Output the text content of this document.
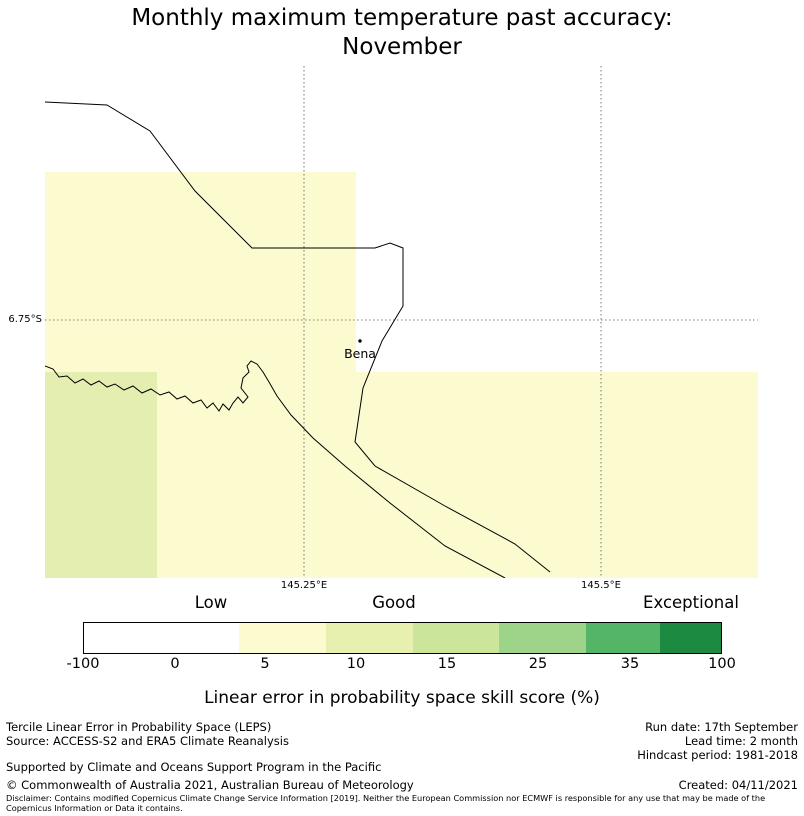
Monthly maximum temperature past accuracy:
November
Bena
6.75°S
145.25°E	145.5°E
Low	Good	Exceptional
-100	0	5	10	15	25	35	100
Linear error in probability space skill score (%)
Tercile Linear Error in Probability Space (LEPS)
Source: ACCESS-S2 and ERA5 Climate Reanalysis
Run date: 17th September
Lead time: 2 month
Hindcast period: 1981-2018
Supported by Climate and Oceans Support Program in the Pacific
© Commonwealth of Australia 2021, Australian Bureau of Meteorology	Created: 04/11/2021
Disclaimer: Contains modified Copernicus Climate Change Service Information [2019]. Neither the European Commission nor ECMWF is responsible for any use that may be made of the Copernicus Information or Data it contains.
